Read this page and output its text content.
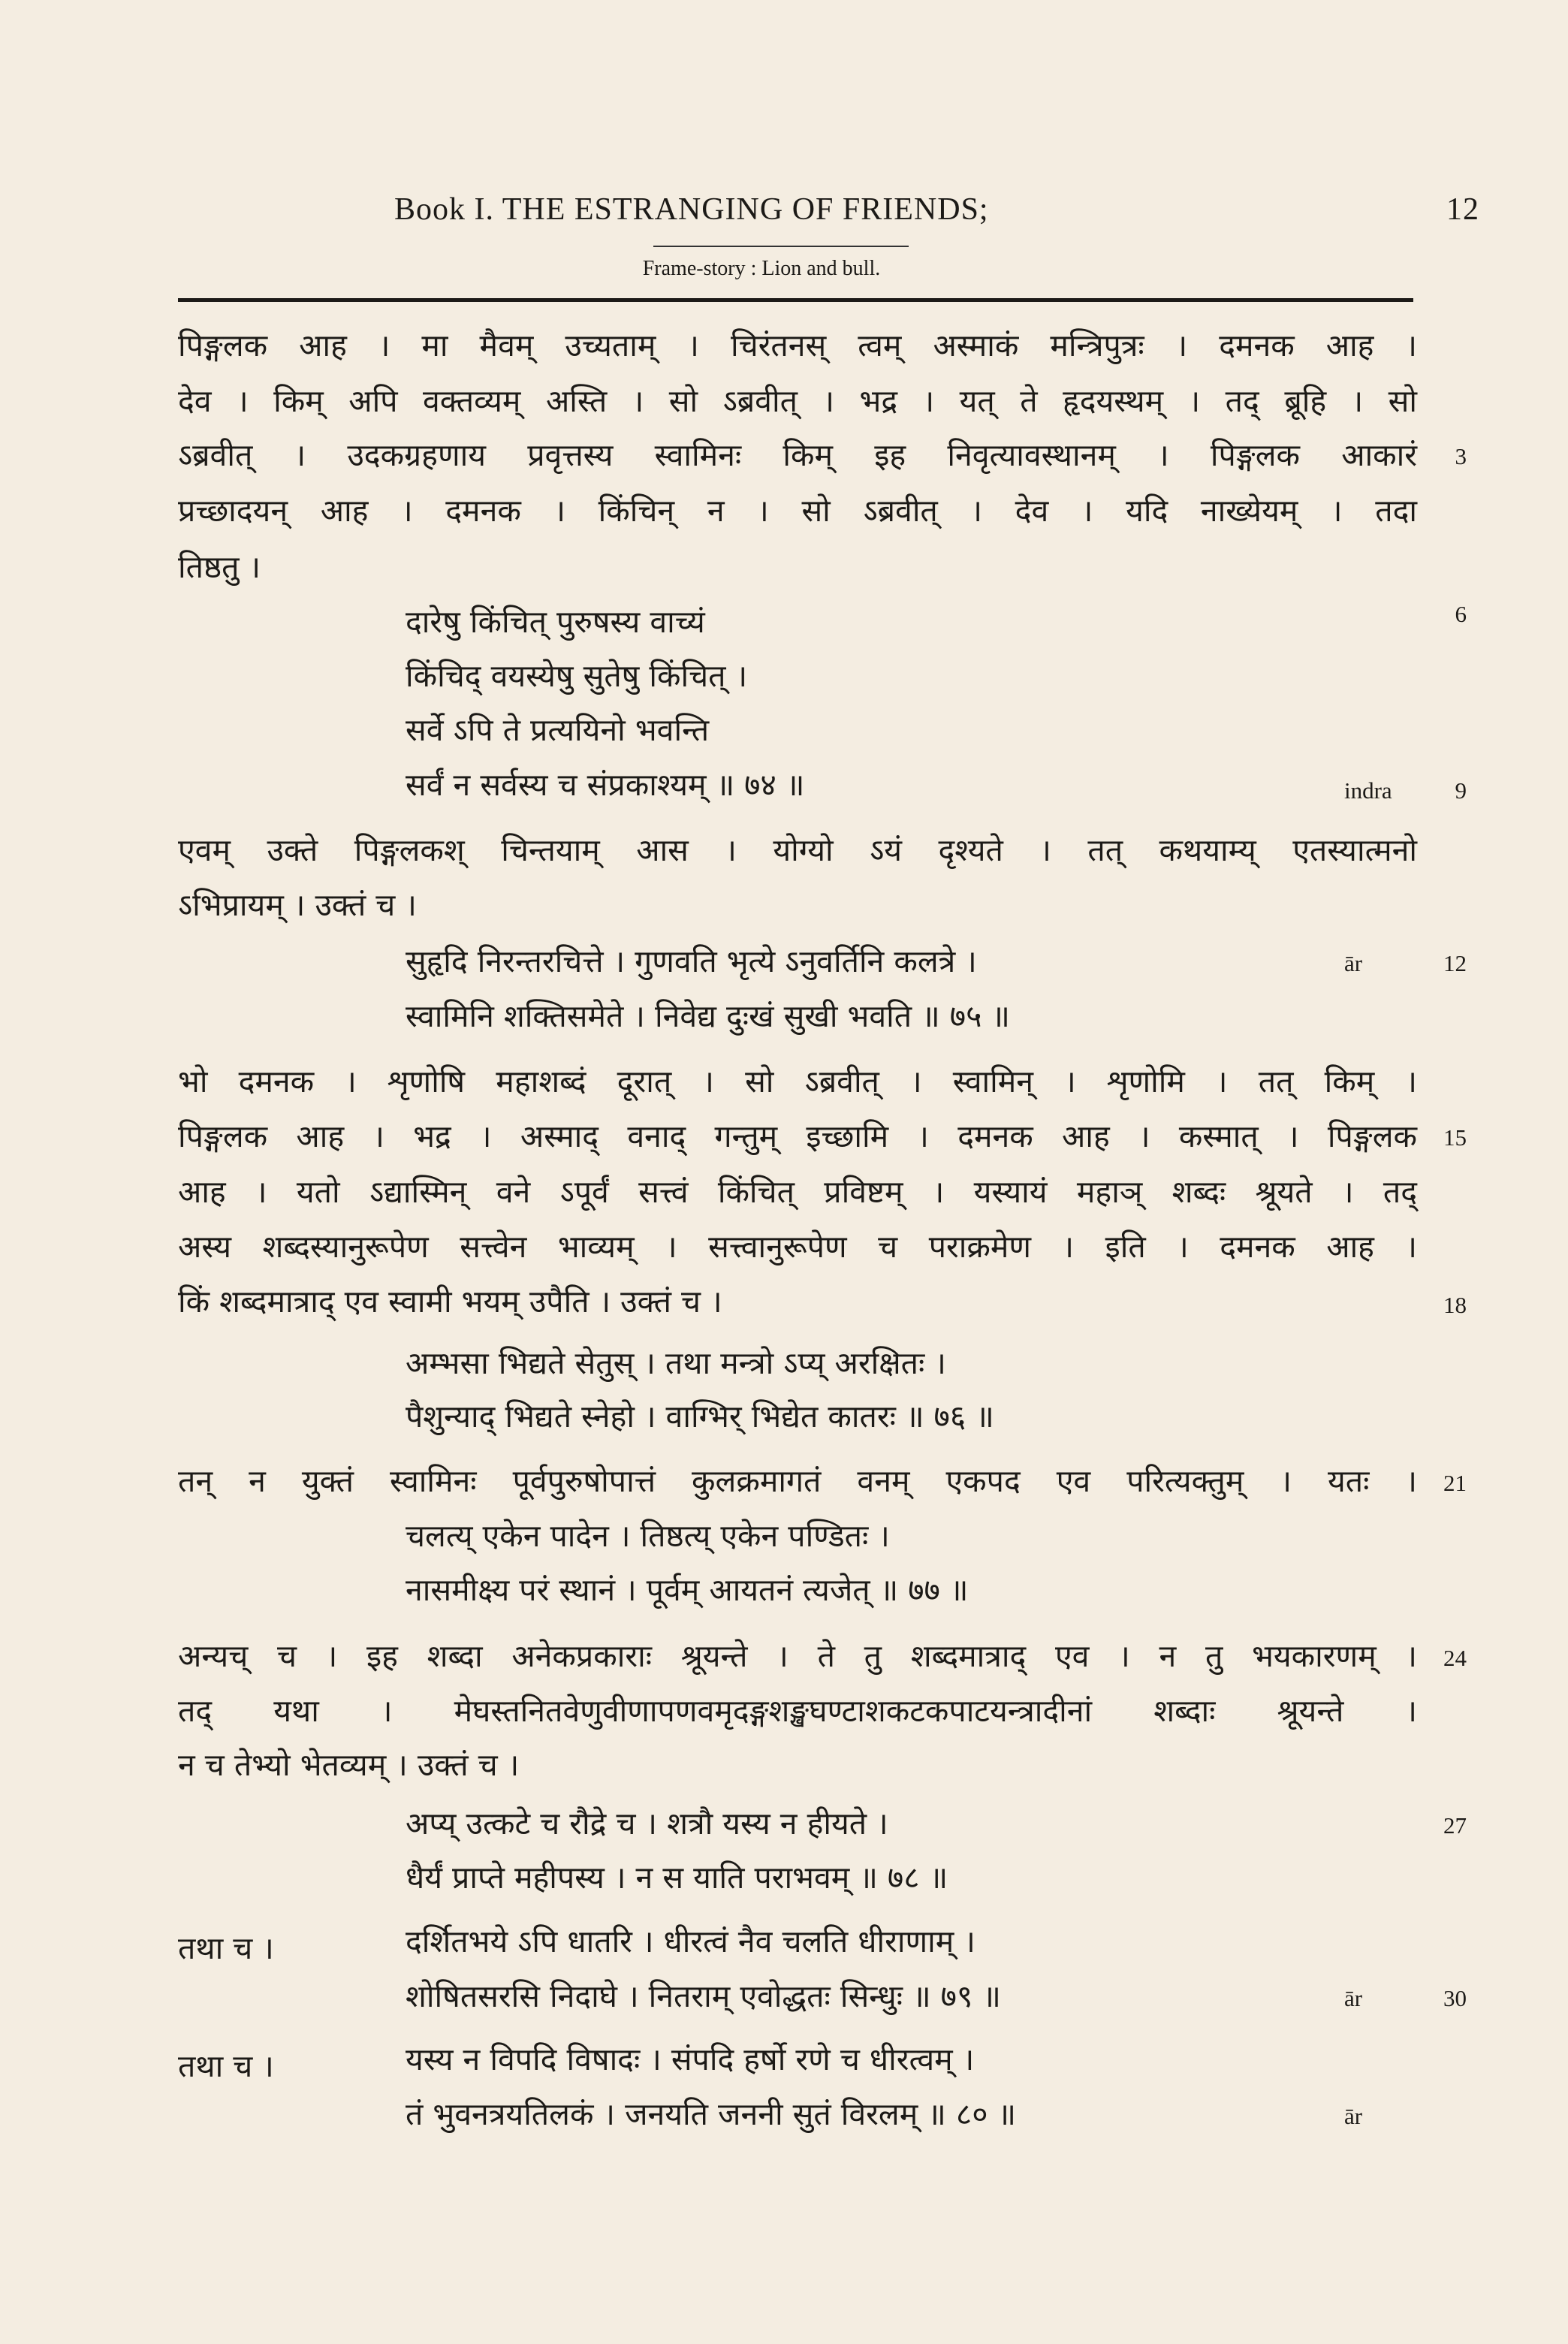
Book I. THE ESTRANGING OF FRIENDS;	12
Frame-story : Lion and bull.
पिङ्गलक आह । मा मैवम् उच्यताम् । चिरंतनस् त्वम् अस्माकं मन्त्रिपुत्रः । दमनक आह ।
देव । किम् अपि वक्तव्यम् अस्ति । सो ऽब्रवीत् । भद्र । यत् ते हृदयस्थम् । तद् ब्रूहि । सो
ऽब्रवीत् । उदकग्रहणाय प्रवृत्तस्य स्वामिनः किम् इह निवृत्यावस्थानम् । पिङ्गलक आकारं	3
प्रच्छादयन् आह । दमनक । किंचिन् न । सो ऽब्रवीत् । देव । यदि नाख्येयम् । तदा
तिष्ठतु ।
दारेषु किंचित् पुरुषस्य वाच्यं	6
किंचिद् वयस्येषु सुतेषु किंचित् ।
सर्वे ऽपि ते प्रत्ययिनो भवन्ति
सर्वं न सर्वस्य च संप्रकाश्यम् ॥ ७४ ॥	indra	9
एवम् उक्ते पिङ्गलकश् चिन्तयाम् आस । योग्यो ऽयं दृश्यते । तत् कथयाम्य् एतस्यात्मनो
ऽभिप्रायम् । उक्तं च ।
सुहृदि निरन्तरचित्ते । गुणवति भृत्ये ऽनुवर्तिनि कलत्रे ।	ār	12
स्वामिनि शक्तिसमेते । निवेद्य दुःखं सुखी भवति ॥ ७५ ॥
भो दमनक । शृणोषि महाशब्दं दूरात् । सो ऽब्रवीत् । स्वामिन् । शृणोमि । तत् किम् ।
पिङ्गलक आह । भद्र । अस्माद् वनाद् गन्तुम् इच्छामि । दमनक आह । कस्मात् । पिङ्गलक	15
आह । यतो ऽद्यास्मिन् वने ऽपूर्वं सत्त्वं किंचित् प्रविष्टम् । यस्यायं महाञ् शब्दः श्रूयते । तद्
अस्य शब्दस्यानुरूपेण सत्त्वेन भाव्यम् । सत्त्वानुरूपेण च पराक्रमेण । इति । दमनक आह ।
किं शब्दमात्राद् एव स्वामी भयम् उपैति । उक्तं च ।	18
अम्भसा भिद्यते सेतुस् । तथा मन्त्रो ऽप्य् अरक्षितः ।
पैशुन्याद् भिद्यते स्नेहो । वाग्भिर् भिद्येत कातरः ॥ ७६ ॥
तन् न युक्तं स्वामिनः पूर्वपुरुषोपात्तं कुलक्रमागतं वनम् एकपद एव परित्यक्तुम् । यतः ।	21
चलत्य् एकेन पादेन । तिष्ठत्य् एकेन पण्डितः ।
नासमीक्ष्य परं स्थानं । पूर्वम् आयतनं त्यजेत् ॥ ७७ ॥
अन्यच् च । इह शब्दा अनेकप्रकाराः श्रूयन्ते । ते तु शब्दमात्राद् एव । न तु भयकारणम् ।	24
तद् यथा । मेघस्तनितवेणुवीणापणवमृदङ्गशङ्खघण्टाशकटकपाटयन्त्रादीनां शब्दाः श्रूयन्ते ।
न च तेभ्यो भेतव्यम् । उक्तं च ।
अप्य् उत्कटे च रौद्रे च । शत्रौ यस्य न हीयते ।	27
धैर्यं प्राप्ते महीपस्य । न स याति पराभवम् ॥ ७८ ॥
तथा च ।	दर्शितभये ऽपि धातरि । धीरत्वं नैव चलति धीराणाम् ।
शोषितसरसि निदाघे । नितराम् एवोद्धतः सिन्धुः ॥ ७९ ॥	ār	30
तथा च ।	यस्य न विपदि विषादः । संपदि हर्षो रणे च धीरत्वम् ।
तं भुवनत्रयतिलकं । जनयति जननी सुतं विरलम् ॥ ८० ॥	ār
